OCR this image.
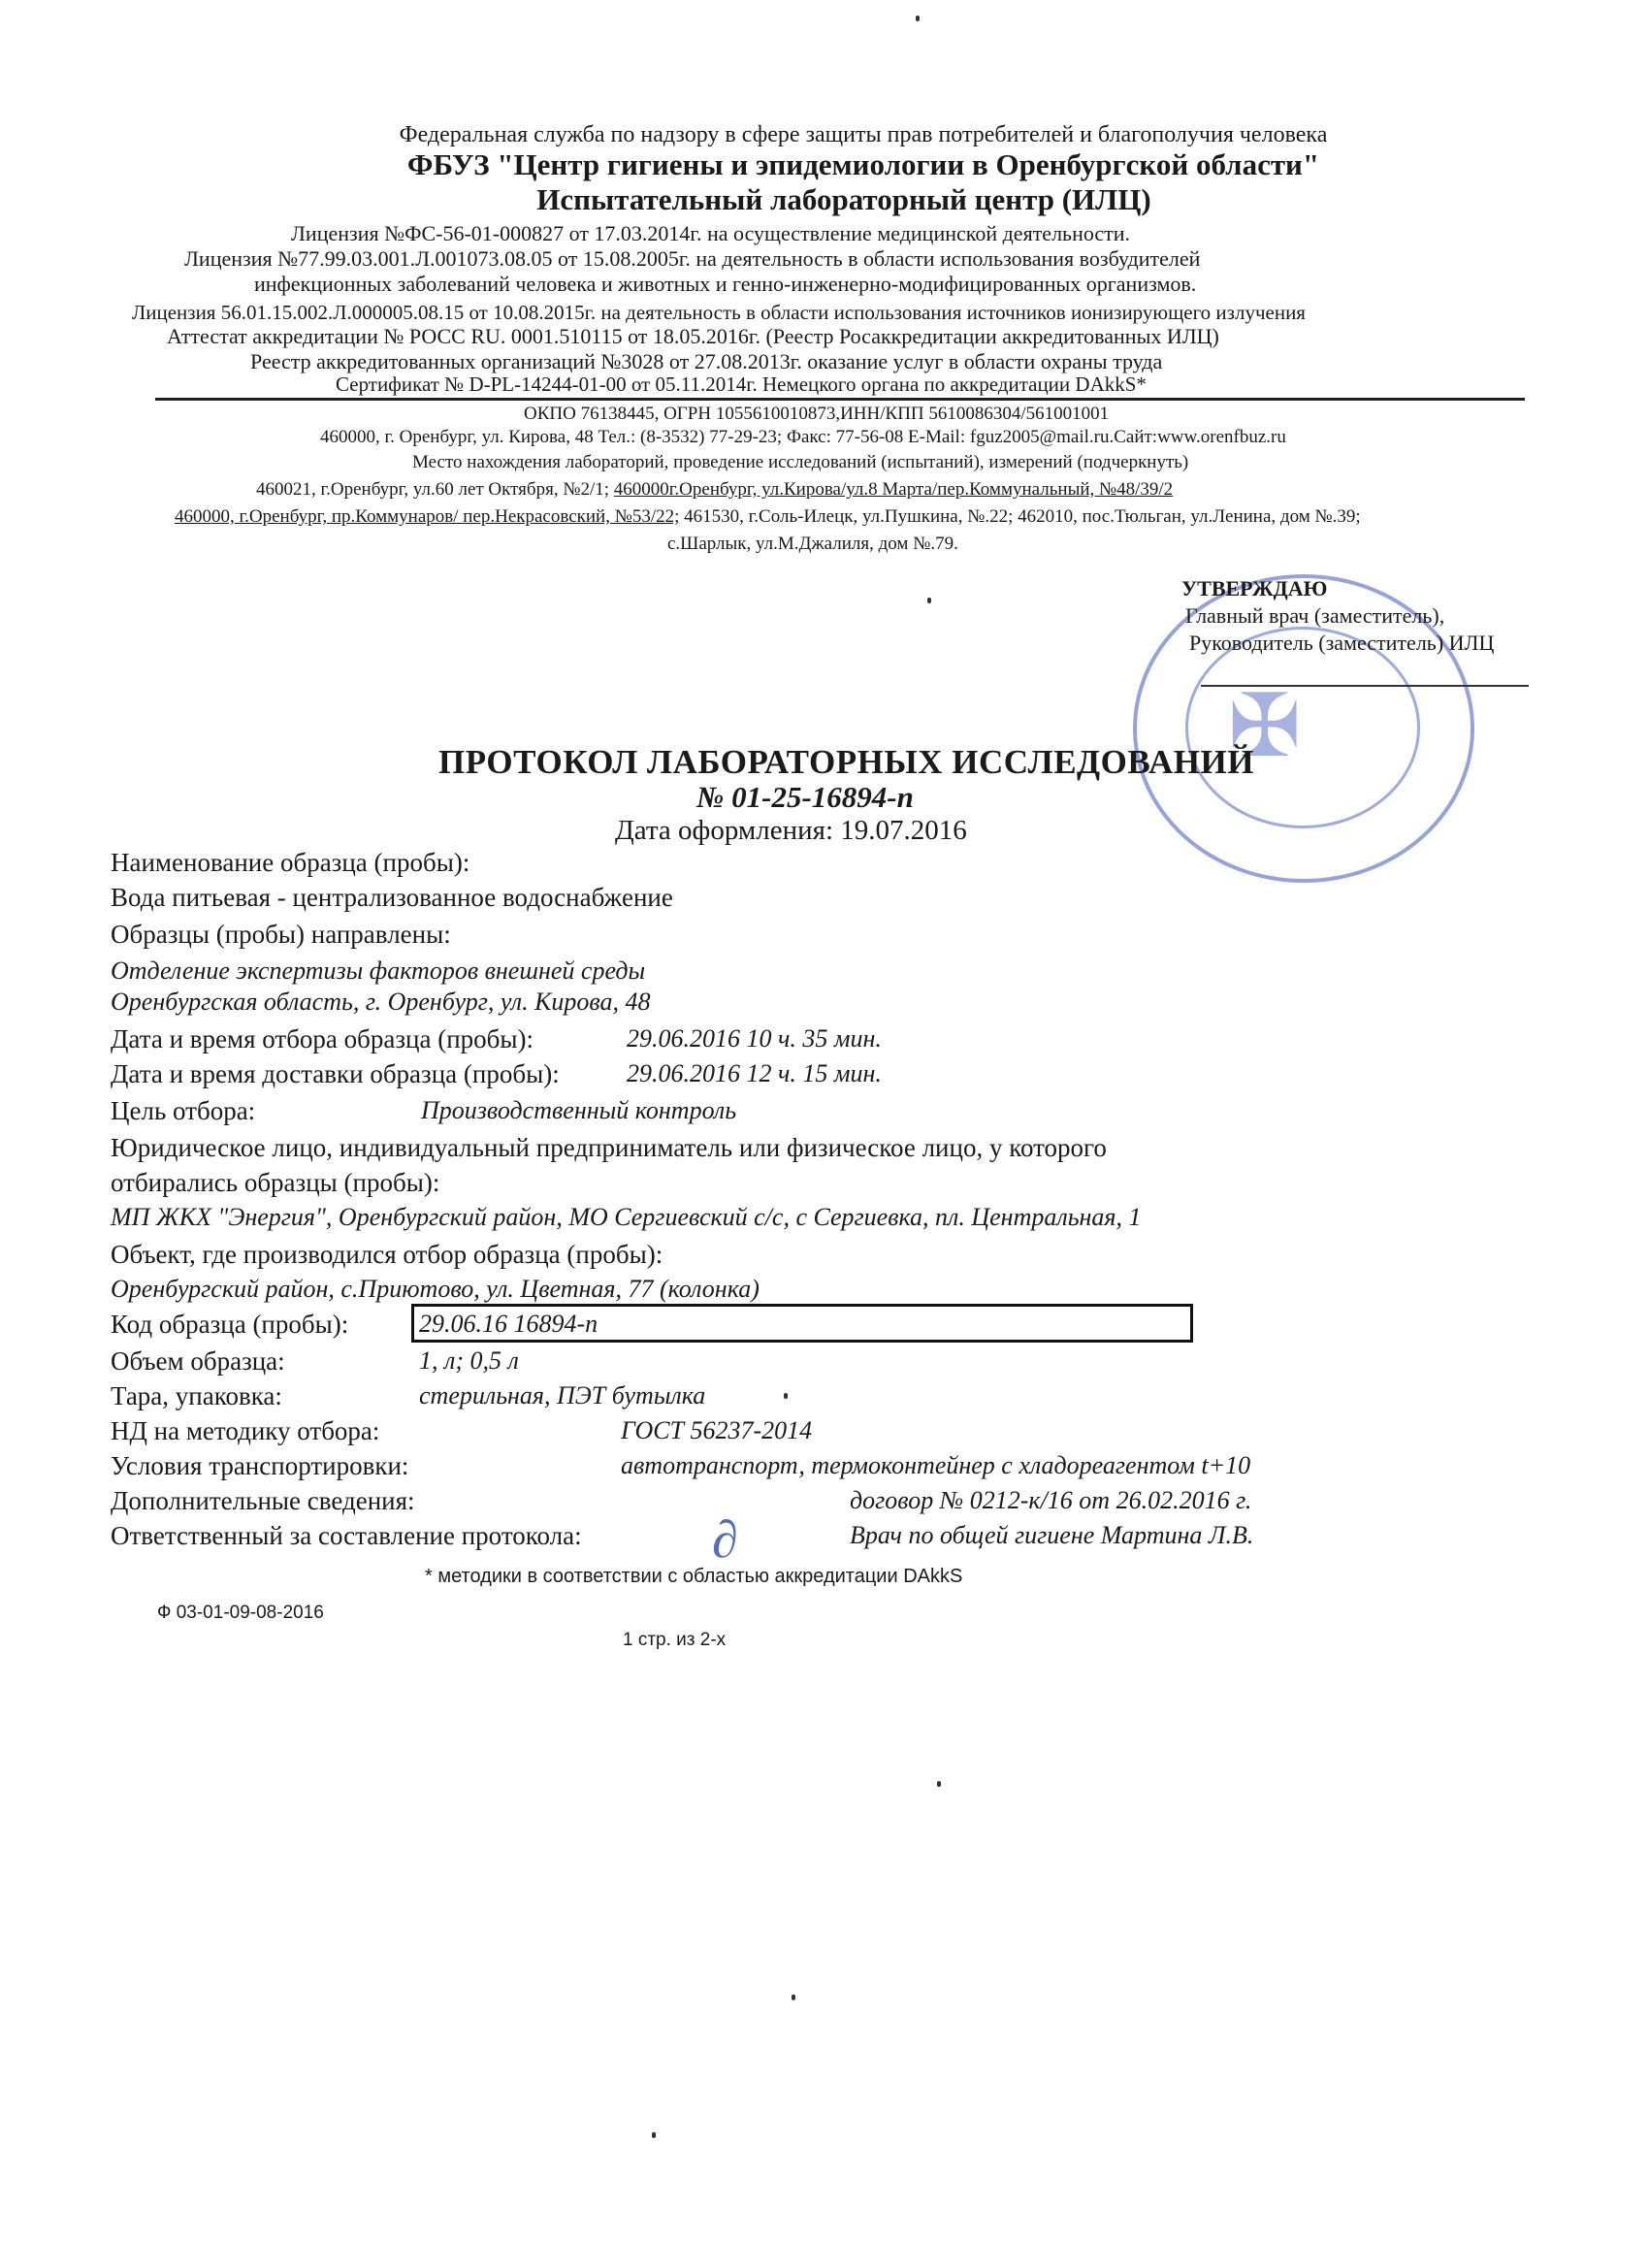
Федеральная служба по надзору в сфере защиты прав потребителей и благополучия человека
ФБУЗ "Центр гигиены и эпидемиологии в Оренбургской области"
Испытательный лабораторный центр (ИЛЦ)
Лицензия №ФС-56-01-000827 от 17.03.2014г. на осуществление медицинской деятельности.
Лицензия №77.99.03.001.Л.001073.08.05 от 15.08.2005г. на деятельность в области использования возбудителей
инфекционных заболеваний человека и животных и генно-инженерно-модифицированных организмов.
Лицензия 56.01.15.002.Л.000005.08.15 от 10.08.2015г. на деятельность в области использования источников ионизирующего излучения
Аттестат аккредитации № РОСС RU. 0001.510115 от 18.05.2016г. (Реестр Росаккредитации аккредитованных ИЛЦ)
Реестр аккредитованных организаций №3028 от 27.08.2013г. оказание услуг в области охраны труда
Сертификат № D-PL-14244-01-00 от 05.11.2014г. Немецкого органа по аккредитации DAkkS*
ОКПО 76138445, ОГРН 1055610010873,ИНН/КПП 5610086304/561001001
460000, г. Оренбург, ул. Кирова, 48 Тел.: (8-3532) 77-29-23; Факс: 77-56-08 E-Mail: fguz2005@mail.ru.Сайт:www.orenfbuz.ru
Место нахождения лабораторий, проведение исследований (испытаний), измерений (подчеркнуть)
460021, г.Оренбург, ул.60 лет Октября, №2/1; 460000г.Оренбург, ул.Кирова/ул.8 Марта/пер.Коммунальный, №48/39/2
460000, г.Оренбург, пр.Коммунаров/ пер.Некрасовский, №53/22; 461530, г.Соль-Илецк, ул.Пушкина, №.22; 462010, пос.Тюльган, ул.Ленина, дом №.39;
с.Шарлык, ул.М.Джалиля, дом №.79.
✠
УТВЕРЖДАЮ
Главный врач (заместитель),
Руководитель (заместитель) ИЛЦ
ПРОТОКОЛ ЛАБОРАТОРНЫХ ИССЛЕДОВАНИЙ
№ 01-25-16894-п
Дата оформления: 19.07.2016
Наименование образца (пробы):
Вода питьевая - централизованное водоснабжение
Образцы (пробы) направлены:
Отделение экспертизы факторов внешней среды
Оренбургская область, г. Оренбург, ул. Кирова, 48
Дата и время отбора образца (пробы):	29.06.2016 10 ч. 35 мин.
Дата и время доставки образца (пробы):	29.06.2016 12 ч. 15 мин.
Цель отбора:	Производственный контроль
Юридическое лицо, индивидуальный предприниматель или физическое лицо, у которого
отбирались образцы (пробы):
МП ЖКХ "Энергия", Оренбургский район, МО Сергиевский с/с, с Сергиевка, пл. Центральная, 1
Объект, где производился отбор образца (пробы):
Оренбургский район, с.Приютово, ул. Цветная, 77 (колонка)
Код образца (пробы):	29.06.16 16894-п
Объем образца:	1, л; 0,5 л
Тара, упаковка:	стерильная, ПЭТ бутылка
НД на методику отбора:	ГОСТ 56237-2014
Условия транспортировки:	автотранспорт, термоконтейнер с хладореагентом t+10
Дополнительные сведения:	договор № 0212-к/16 от 26.02.2016 г.
Ответственный за составление протокола:	Врач по общей гигиене Мартина Л.В.
∂
* методики в соответствии с областью аккредитации DAkkS
Ф 03-01-09-08-2016
1 стр. из 2-х
